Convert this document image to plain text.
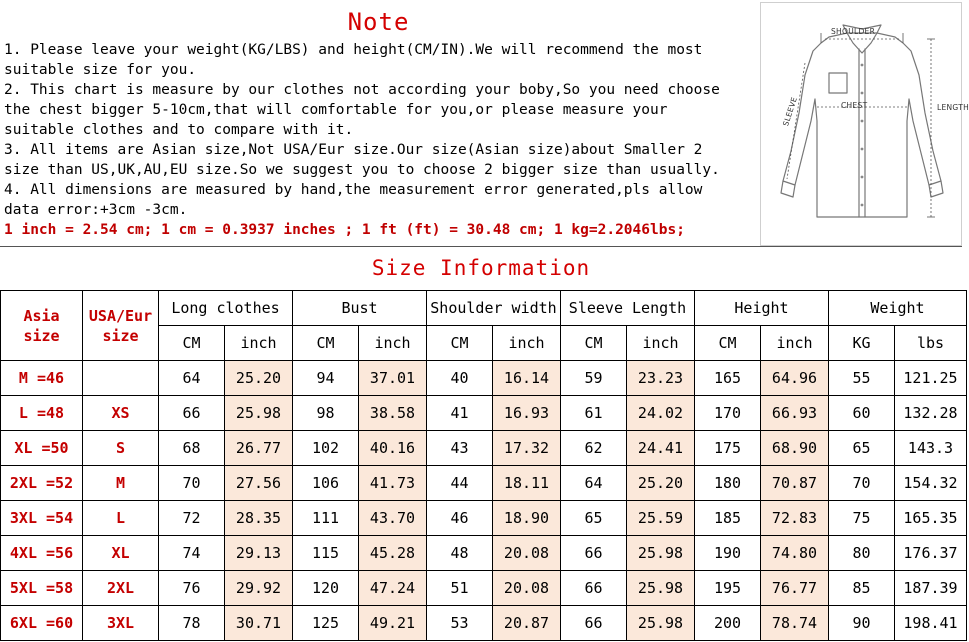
Note
1. Please leave your weight(KG/LBS) and height(CM/IN).We will recommend the most
suitable size for you.
2. This chart is measure by our clothes not according your boby,So you need choose
the chest bigger 5-10cm,that will comfortable for you,or please measure your
suitable clothes and to compare with it.
3. All items are Asian size,Not USA/Eur size.Our size(Asian size)about Smaller 2
size than US,UK,AU,EU size.So we suggest you to choose 2 bigger size than usually.
4. All dimensions are measured by hand,the measurement error generated,pls allow
data error:+3cm -3cm.
1 inch = 2.54 cm; 1 cm = 0.3937 inches ; 1 ft (ft) = 30.48 cm; 1 kg=2.2046lbs;
SHOULDER
CHEST	LENGTH
SLEEVE
Size Information
Asia size	USA/Eur size	Long clothes		Bust		Shoulder width		Sleeve Length		Height		Weight	
		CM	inch	CM	inch	CM	inch	CM	inch	CM	inch	KG	lbs
M =46		64	25.20	94	37.01	40	16.14	59	23.23	165	64.96	55	121.25
L =48	XS	66	25.98	98	38.58	41	16.93	61	24.02	170	66.93	60	132.28
XL =50	S	68	26.77	102	40.16	43	17.32	62	24.41	175	68.90	65	143.3
2XL =52	M	70	27.56	106	41.73	44	18.11	64	25.20	180	70.87	70	154.32
3XL =54	L	72	28.35	111	43.70	46	18.90	65	25.59	185	72.83	75	165.35
4XL =56	XL	74	29.13	115	45.28	48	20.08	66	25.98	190	74.80	80	176.37
5XL =58	2XL	76	29.92	120	47.24	51	20.08	66	25.98	195	76.77	85	187.39
6XL =60	3XL	78	30.71	125	49.21	53	20.87	66	25.98	200	78.74	90	198.41
